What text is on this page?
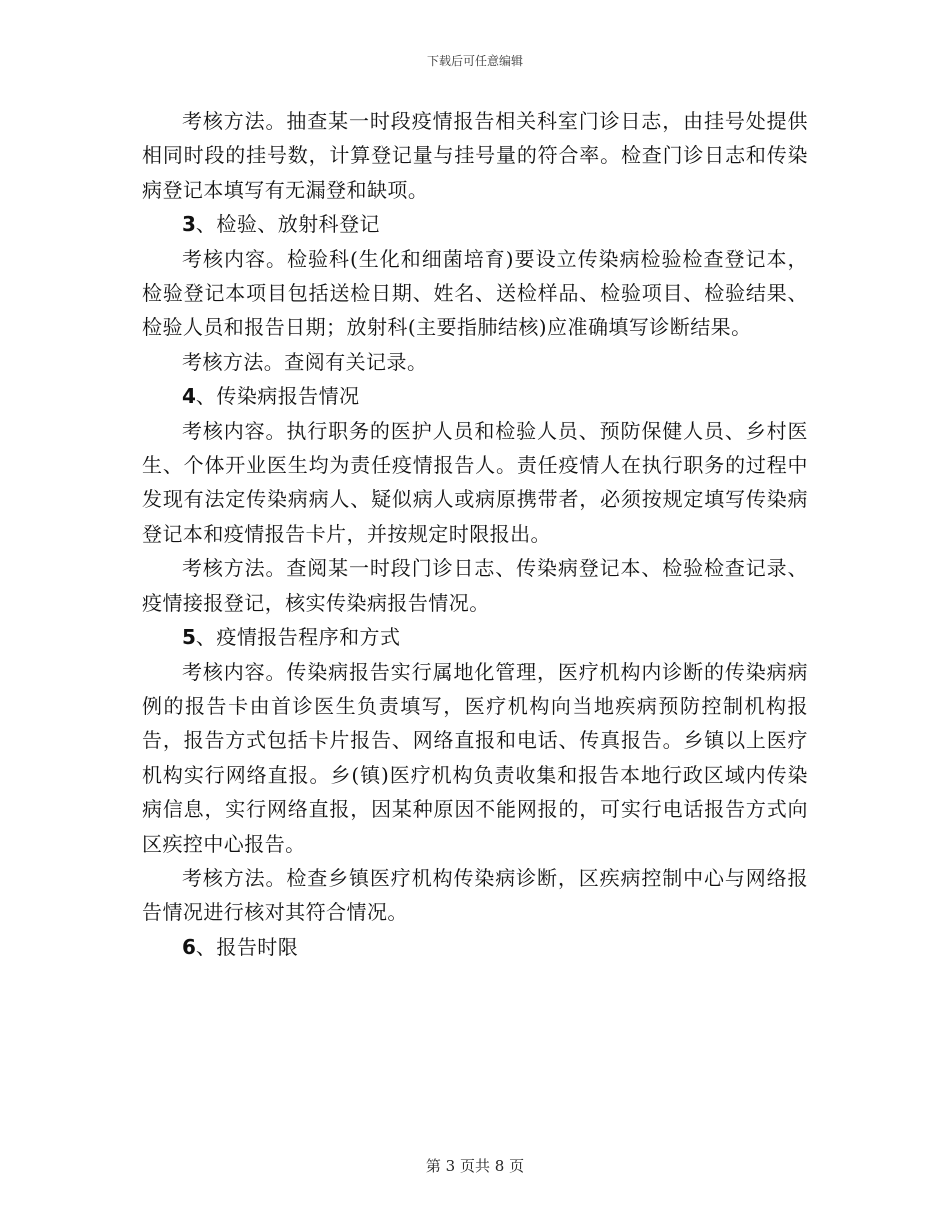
下载后可任意编辑

考核方法。抽查某一时段疫情报告相关科室门诊日志，由挂号处提供相同时段的挂号数，计算登记量与挂号量的符合率。检查门诊日志和传染病登记本填写有无漏登和缺项。

3、检验、放射科登记

考核内容。检验科(生化和细菌培育)要设立传染病检验检查登记本，检验登记本项目包括送检日期、姓名、送检样品、检验项目、检验结果、检验人员和报告日期；放射科(主要指肺结核)应准确填写诊断结果。

考核方法。查阅有关记录。

4、传染病报告情况

考核内容。执行职务的医护人员和检验人员、预防保健人员、乡村医生、个体开业医生均为责任疫情报告人。责任疫情人在执行职务的过程中发现有法定传染病病人、疑似病人或病原携带者，必须按规定填写传染病登记本和疫情报告卡片，并按规定时限报出。

考核方法。查阅某一时段门诊日志、传染病登记本、检验检查记录、疫情接报登记，核实传染病报告情况。

5、疫情报告程序和方式

考核内容。传染病报告实行属地化管理，医疗机构内诊断的传染病病例的报告卡由首诊医生负责填写，医疗机构向当地疾病预防控制机构报告，报告方式包括卡片报告、网络直报和电话、传真报告。乡镇以上医疗机构实行网络直报。乡(镇)医疗机构负责收集和报告本地行政区域内传染病信息，实行网络直报，因某种原因不能网报的，可实行电话报告方式向区疾控中心报告。

考核方法。检查乡镇医疗机构传染病诊断，区疾病控制中心与网络报告情况进行核对其符合情况。

6、报告时限

第 3 页共 8 页
